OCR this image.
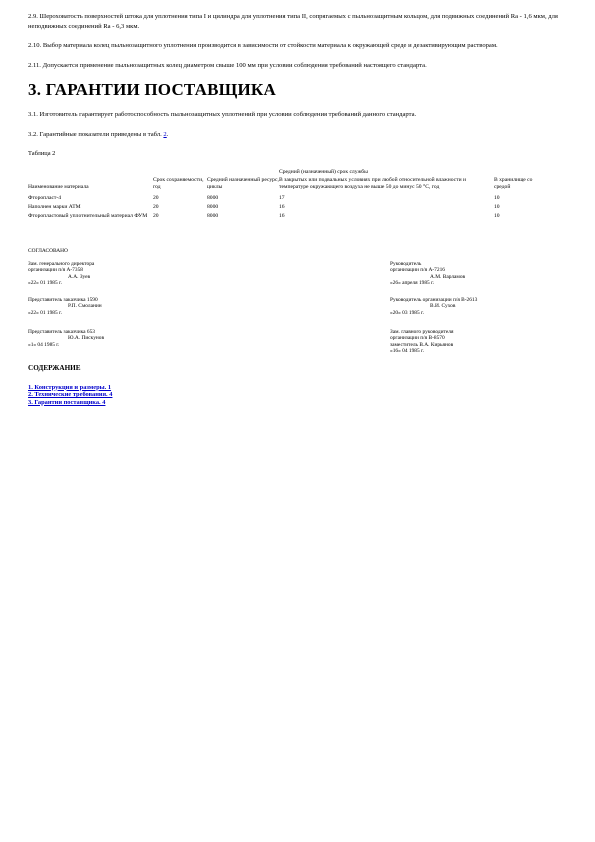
2.9. Шероховатость поверхностей штока для уплотнения типа I и цилиндра для уплотнения типа II, сопрягаемых с пыльнозащитным кольцом, для подвижных соединений Ra - 1,6 мкм, для неподвижных соединений Ra - 6,3 мкм.

2.10. Выбор материала колец пыльнозащитного уплотнения производится в зависимости от стойкости материала к окружающей среде и дезактивирующим растворам.

2.11. Допускается применение пыльнозащитных колец диаметром свыше 100 мм при условии соблюдения требований настоящего стандарта.

3. ГАРАНТИИ ПОСТАВЩИКА

3.1. Изготовитель гарантирует работоспособность пыльнозащитных уплотнений при условии соблюдения требований данного стандарта.

3.2. Гарантийные показатели приведены в табл. 2.

Таблица 2

			Средний (назначенный) срок службы	
Наименование материала	Срок сохраняемости, год	Средний назначенный ресурс, циклы	В закрытых или подвальных условиях при любой относительной влажности и температуре окружающего воздуха не выше 50 до минус 50 °С, год	В хранилище со средой
Фторопласт-4	20	8000	17	10
Наполнен марки АТМ	20	8000	16	10
Фторопластовый уплотнительный материал ФУМ	20	8000	16	10
СОГЛАСОВАНО
Зам. генерального директора
организации п/я А-7358
А.А. Зуев
«22» 01 1985 г.
Представитель заказчика 1590
Р.П. Смоланин
«22» 01 1985 г.
Представитель заказчика 653
Ю.А. Пискунов
«1» 04 1985 г.
Руководитель
организации п/я А-7216
А.М. Варламов
«26» апреля 1985 г.
Руководитель организации п/я В-2613
В.И. Сухов
«20» 03 1985 г.
Зам. главного руководителя
организации п/я В-8570
заместитель В.А. Кирьянов
«16» 04 1985 г.
СОДЕРЖАНИЕ
1. Конструкция и размеры. 1
2. Технические требования. 4
3. Гарантии поставщика. 4
